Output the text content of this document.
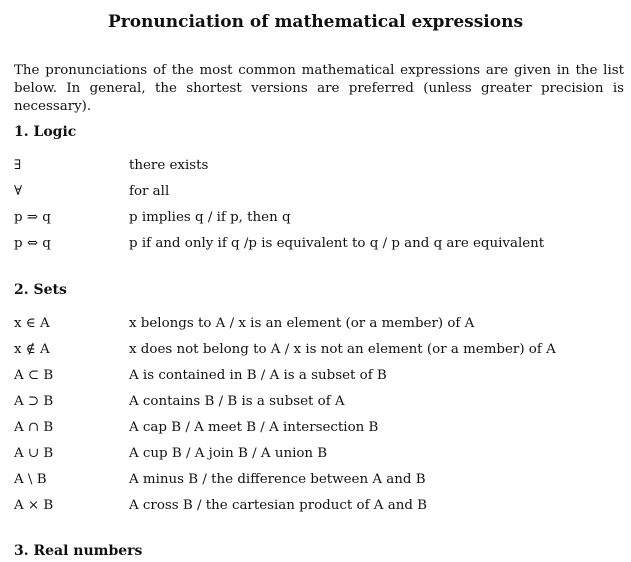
Pronunciation of mathematical expressions
The pronunciations of the most common mathematical expressions are given in the list below. In general, the shortest versions are preferred (unless greater precision is necessary).
1. Logic
∃	there exists
∀	for all
p ⇒ q	p implies q / if p, then q
p ⇔ q	p if and only if q /p is equivalent to q / p and q are equivalent
2. Sets
x ∈ A	x belongs to A / x is an element (or a member) of A
x ∉ A	x does not belong to A / x is not an element (or a member) of A
A ⊂ B	A is contained in B / A is a subset of B
A ⊃ B	A contains B / B is a subset of A
A ∩ B	A cap B / A meet B / A intersection B
A ∪ B	A cup B / A join B / A union B
A \ B	A minus B / the difference between A and B
A × B	A cross B / the cartesian product of A and B
3. Real numbers
